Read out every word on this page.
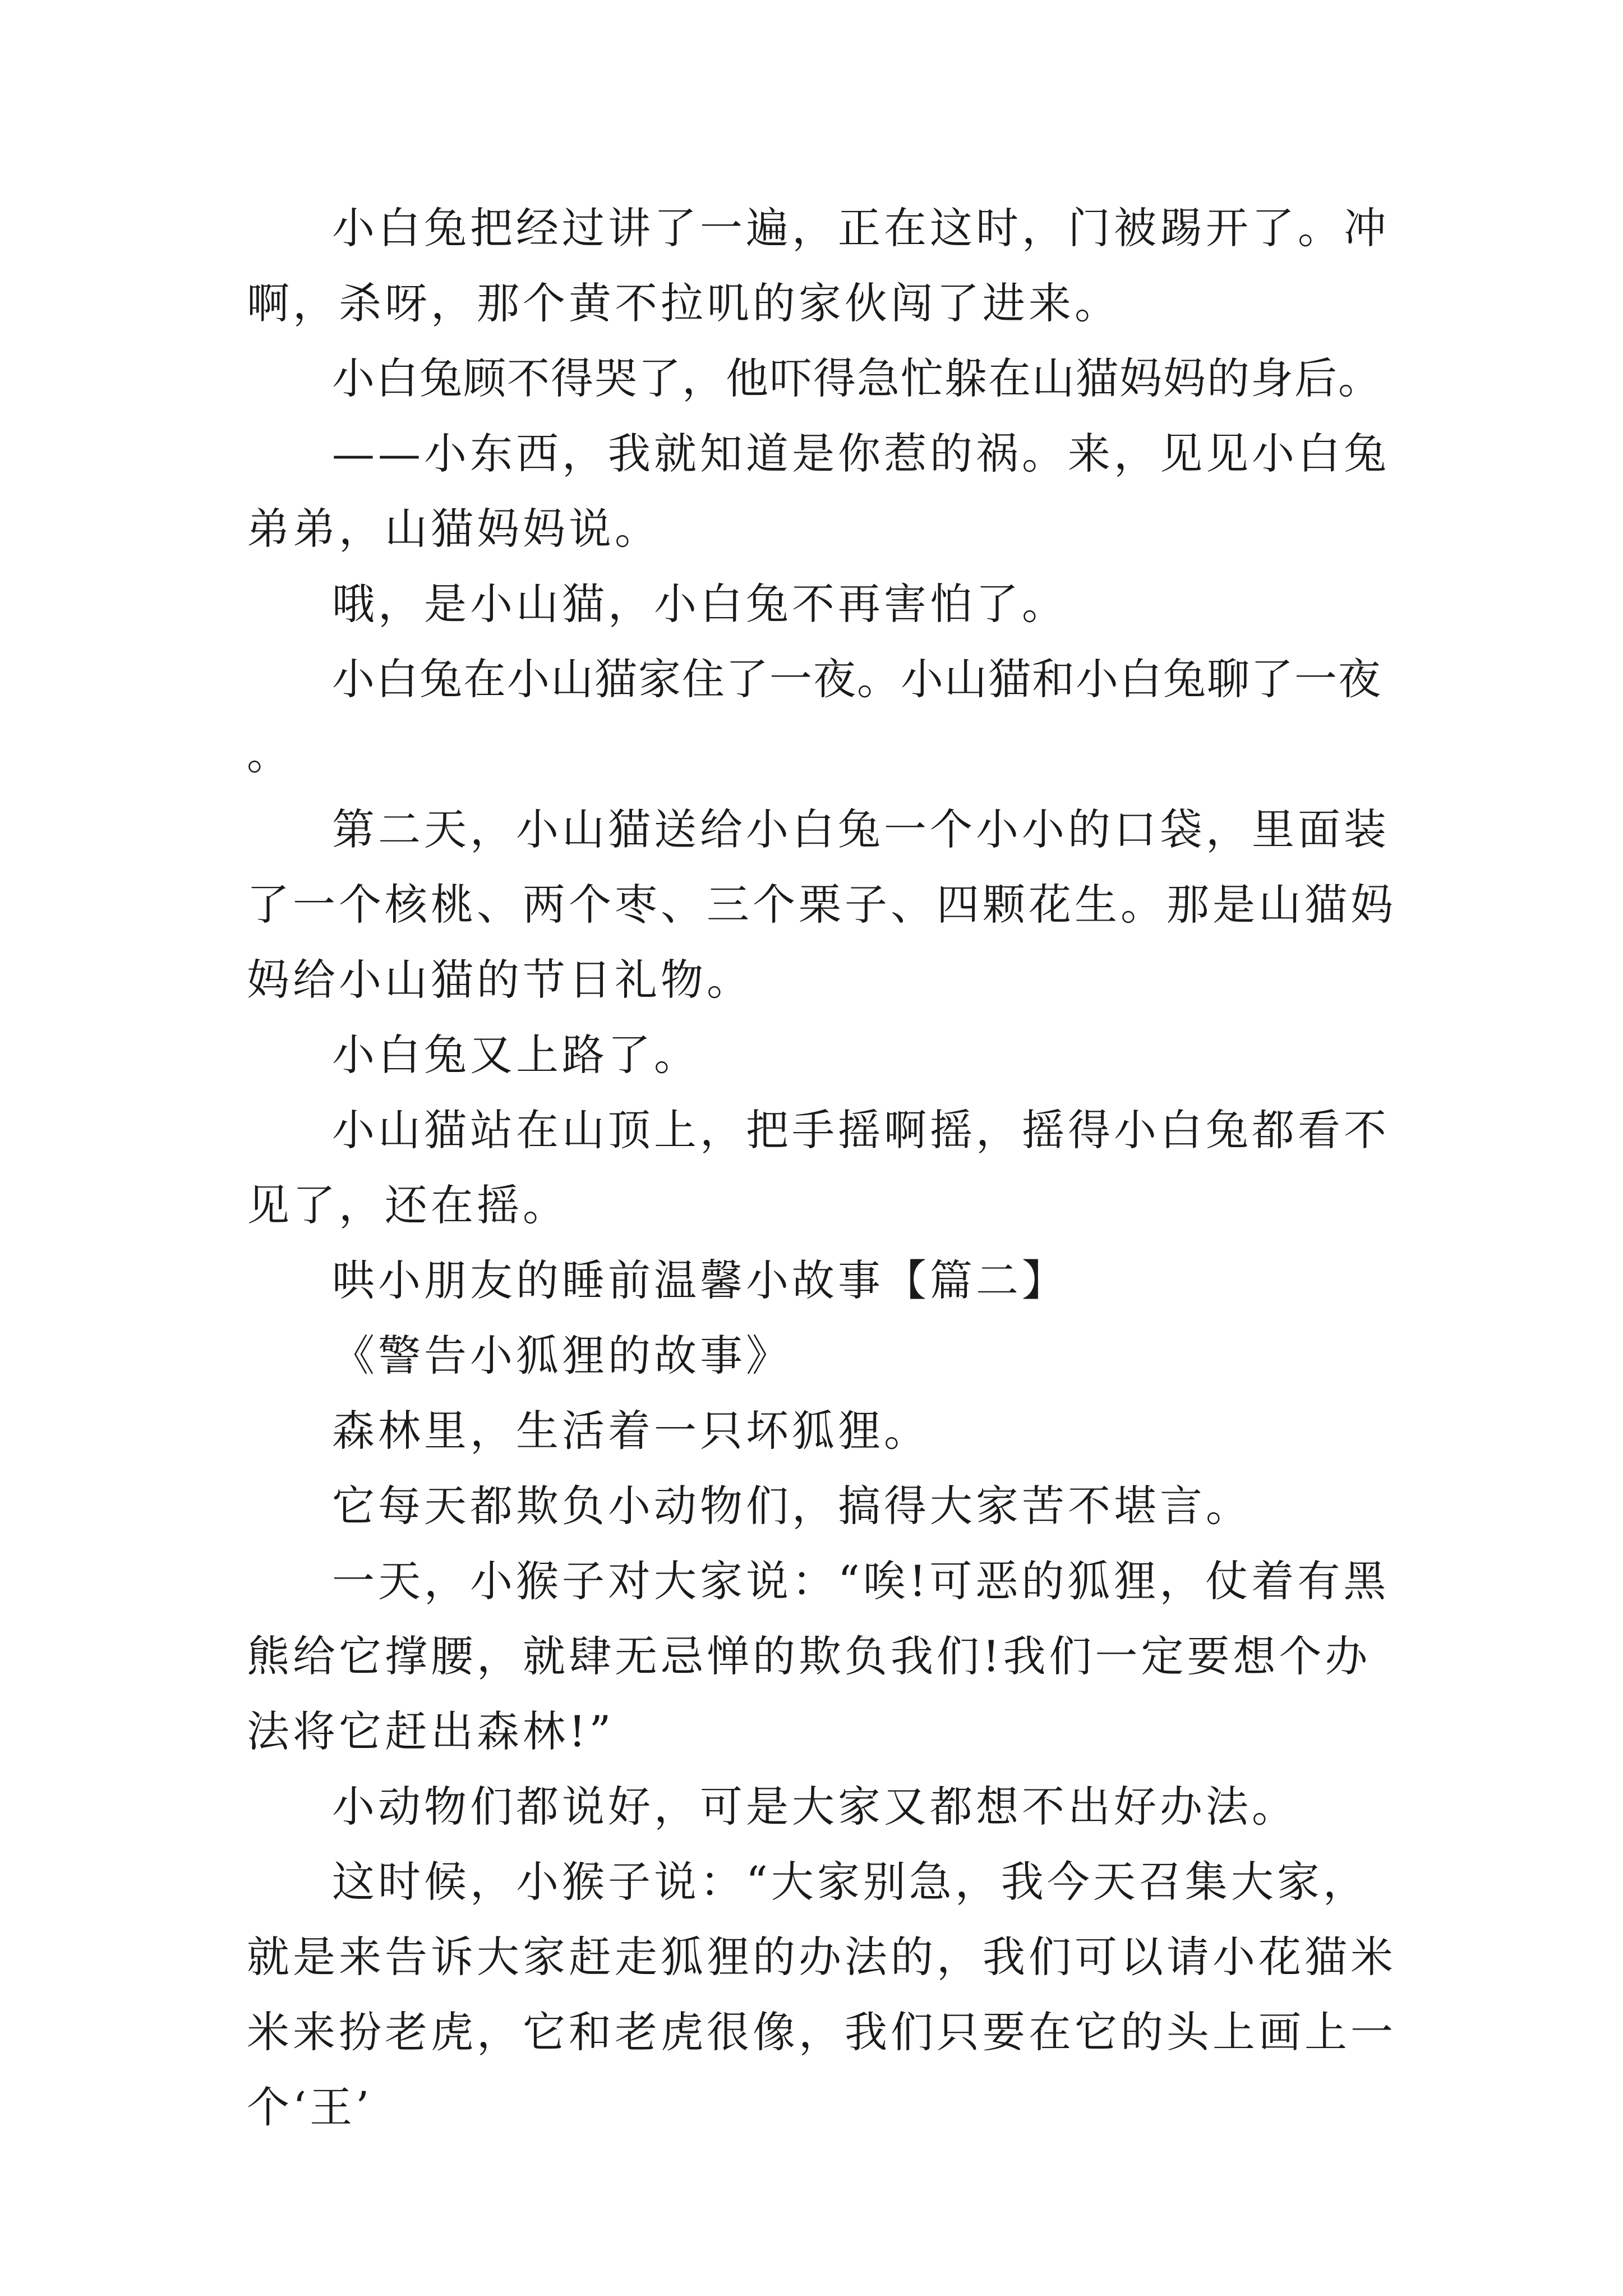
小白兔把经过讲了一遍，正在这时，门被踢开了。冲啊，杀呀，那个黄不拉叽的家伙闯了进来。

小白兔顾不得哭了，他吓得急忙躲在山猫妈妈的身后。

——小东西，我就知道是你惹的祸。来，见见小白兔弟弟，山猫妈妈说。

哦，是小山猫，小白兔不再害怕了。

小白兔在小山猫家住了一夜。小山猫和小白兔聊了一夜。

第二天，小山猫送给小白兔一个小小的口袋，里面装了一个核桃、两个枣、三个栗子、四颗花生。那是山猫妈妈给小山猫的节日礼物。

小白兔又上路了。

小山猫站在山顶上，把手摇啊摇，摇得小白兔都看不见了，还在摇。

哄小朋友的睡前温馨小故事【篇二】

《警告小狐狸的故事》

森林里，生活着一只坏狐狸。

它每天都欺负小动物们，搞得大家苦不堪言。

一天，小猴子对大家说：“唉!可恶的狐狸，仗着有黑熊给它撑腰，就肆无忌惮的欺负我们!我们一定要想个办法将它赶出森林!”

小动物们都说好，可是大家又都想不出好办法。

这时候，小猴子说：“大家别急，我今天召集大家，就是来告诉大家赶走狐狸的办法的，我们可以请小花猫米米来扮老虎，它和老虎很像，我们只要在它的头上画上一个‘王’
